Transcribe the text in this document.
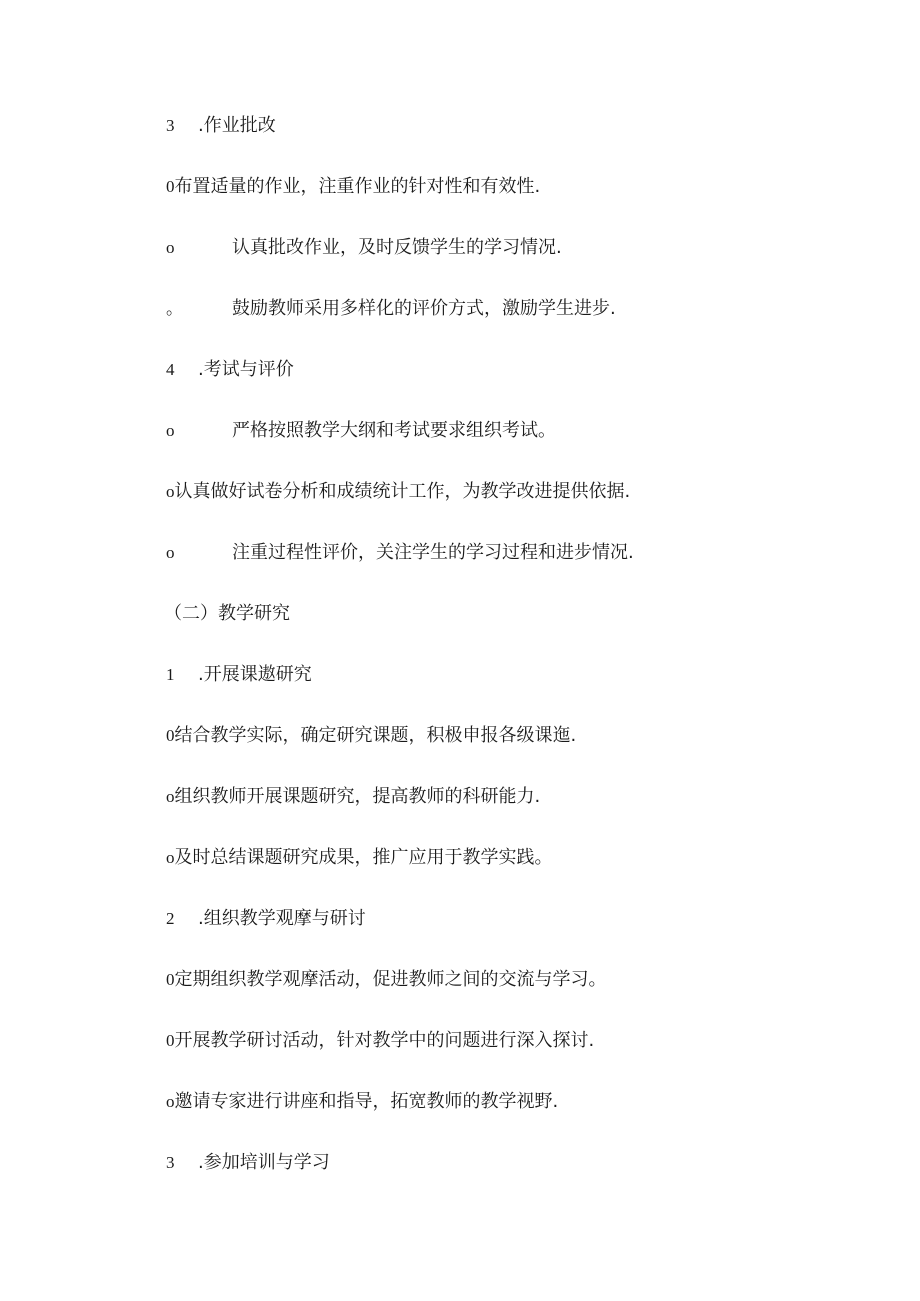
3	.作业批改
0 布置适量的作业，注重作业的针对性和有效性.
o	认真批改作业，及时反馈学生的学习情况.
。	鼓励教师采用多样化的评价方式，激励学生进步.
4	.考试与评价
o	严格按照教学大纲和考试要求组织考试。
o 认真做好试卷分析和成绩统计工作，为教学改进提供依据.
o	注重过程性评价，关注学生的学习过程和进步情况.
（二）教学研究
1	.开展课遨研究
0 结合教学实际，确定研究课题，积极申报各级课迤.
o 组织教师开展课题研究，提高教师的科研能力.
o 及时总结课题研究成果，推广应用于教学实践。
2	.组织教学观摩与研讨
0 定期组织教学观摩活动，促进教师之间的交流与学习。
0 开展教学研讨活动，针对教学中的问题进行深入探讨.
o 邀请专家进行讲座和指导，拓宽教师的教学视野.
3	.参加培训与学习
